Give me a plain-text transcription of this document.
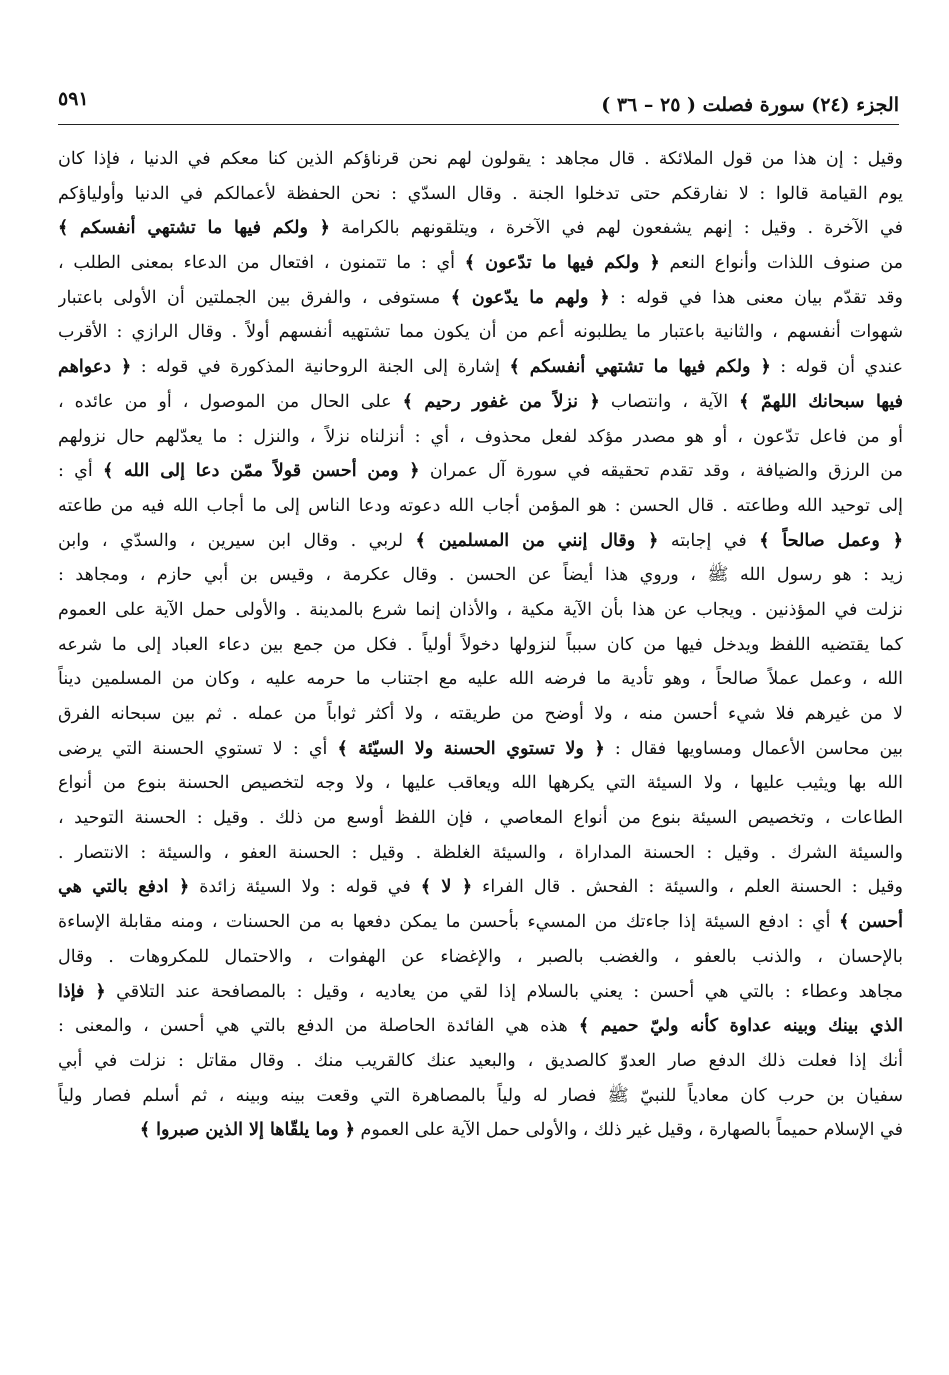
الجزء (٢٤) سورة فصلت ( ٢٥ – ٣٦ )
٥٩١
وقيل : إن هذا من قول الملائكة . قال مجاهد : يقولون لهم نحن قرناؤكم الذين كنا معكم في الدنيا ، فإذا كان
يوم القيامة قالوا : لا نفارقكم حتى تدخلوا الجنة . وقال السدّي : نحن الحفظة لأعمالكم في الدنيا وأولياؤكم
في الآخرة . وقيل : إنهم يشفعون لهم في الآخرة ، ويتلقونهم بالكرامة ﴿ ولكم فيها ما تشتهي أنفسكم ﴾
من صنوف اللذات وأنواع النعم ﴿ ولكم فيها ما تدّعون ﴾ أي : ما تتمنون ، افتعال من الدعاء بمعنى الطلب ،
وقد تقدّم بيان معنى هذا في قوله : ﴿ ولهم ما يدّعون ﴾ مستوفى ، والفرق بين الجملتين أن الأولى باعتبار
شهوات أنفسهم ، والثانية باعتبار ما يطلبونه أعم من أن يكون مما تشتهيه أنفسهم أولاً . وقال الرازي : الأقرب
عندي أن قوله : ﴿ ولكم فيها ما تشتهي أنفسكم ﴾ إشارة إلى الجنة الروحانية المذكورة في قوله : ﴿ دعواهم
فيها سبحانك اللهمّ ﴾ الآية ، وانتصاب ﴿ نزلاً من غفور رحيم ﴾ على الحال من الموصول ، أو من عائده ،
أو من فاعل تدّعون ، أو هو مصدر مؤكد لفعل محذوف ، أي : أنزلناه نزلاً ، والنزل : ما يعدّلهم حال نزولهم
من الرزق والضيافة ، وقد تقدم تحقيقه في سورة آل عمران ﴿ ومن أحسن قولاً ممّن دعا إلى الله ﴾ أي :
إلى توحيد الله وطاعته . قال الحسن : هو المؤمن أجاب الله دعوته ودعا الناس إلى ما أجاب الله فيه من طاعته
﴿ وعمل صالحاً ﴾ في إجابته ﴿ وقال إنني من المسلمين ﴾ لربي . وقال ابن سيرين ، والسدّي ، وابن
زيد : هو رسول الله ﷺ ، وروي هذا أيضاً عن الحسن . وقال عكرمة ، وقيس بن أبي حازم ، ومجاهد :
نزلت في المؤذنين . ويجاب عن هذا بأن الآية مكية ، والأذان إنما شرع بالمدينة . والأولى حمل الآية على العموم
كما يقتضيه اللفظ ويدخل فيها من كان سبباً لنزولها دخولاً أولياً . فكل من جمع بين دعاء العباد إلى ما شرعه
الله ، وعمل عملاً صالحاً ، وهو تأدية ما فرضه الله عليه مع اجتناب ما حرمه عليه ، وكان من المسلمين ديناً
لا من غيرهم فلا شيء أحسن منه ، ولا أوضح من طريقته ، ولا أكثر ثواباً من عمله . ثم بين سبحانه الفرق
بين محاسن الأعمال ومساويها فقال : ﴿ ولا تستوي الحسنة ولا السيّئة ﴾ أي : لا تستوي الحسنة التي يرضى
الله بها ويثيب عليها ، ولا السيئة التي يكرهها الله ويعاقب عليها ، ولا وجه لتخصيص الحسنة بنوع من أنواع
الطاعات ، وتخصيص السيئة بنوع من أنواع المعاصي ، فإن اللفظ أوسع من ذلك . وقيل : الحسنة التوحيد ،
والسيئة الشرك . وقيل : الحسنة المداراة ، والسيئة الغلظة . وقيل : الحسنة العفو ، والسيئة : الانتصار .
وقيل : الحسنة العلم ، والسيئة : الفحش . قال الفراء ﴿ لا ﴾ في قوله : ولا السيئة زائدة ﴿ ادفع بالتي هي
أحسن ﴾ أي : ادفع السيئة إذا جاءتك من المسيء بأحسن ما يمكن دفعها به من الحسنات ، ومنه مقابلة الإساءة
بالإحسان ، والذنب بالعفو ، والغضب بالصبر ، والإغضاء عن الهفوات ، والاحتمال للمكروهات . وقال
مجاهد وعطاء : بالتي هي أحسن : يعني بالسلام إذا لقي من يعاديه ، وقيل : بالمصافحة عند التلاقي ﴿ فإذا
الذي بينك وبينه عداوة كأنه وليّ حميم ﴾ هذه هي الفائدة الحاصلة من الدفع بالتي هي أحسن ، والمعنى :
أنك إذا فعلت ذلك الدفع صار العدوّ كالصديق ، والبعيد عنك كالقريب منك . وقال مقاتل : نزلت في أبي
سفيان بن حرب كان معادياً للنبيّ ﷺ فصار له ولياً بالمصاهرة التي وقعت بينه وبينه ، ثم أسلم فصار ولياً
في الإسلام حميماً بالصهارة ، وقيل غير ذلك ، والأولى حمل الآية على العموم ﴿ وما يلقّاها إلا الذين صبروا ﴾
